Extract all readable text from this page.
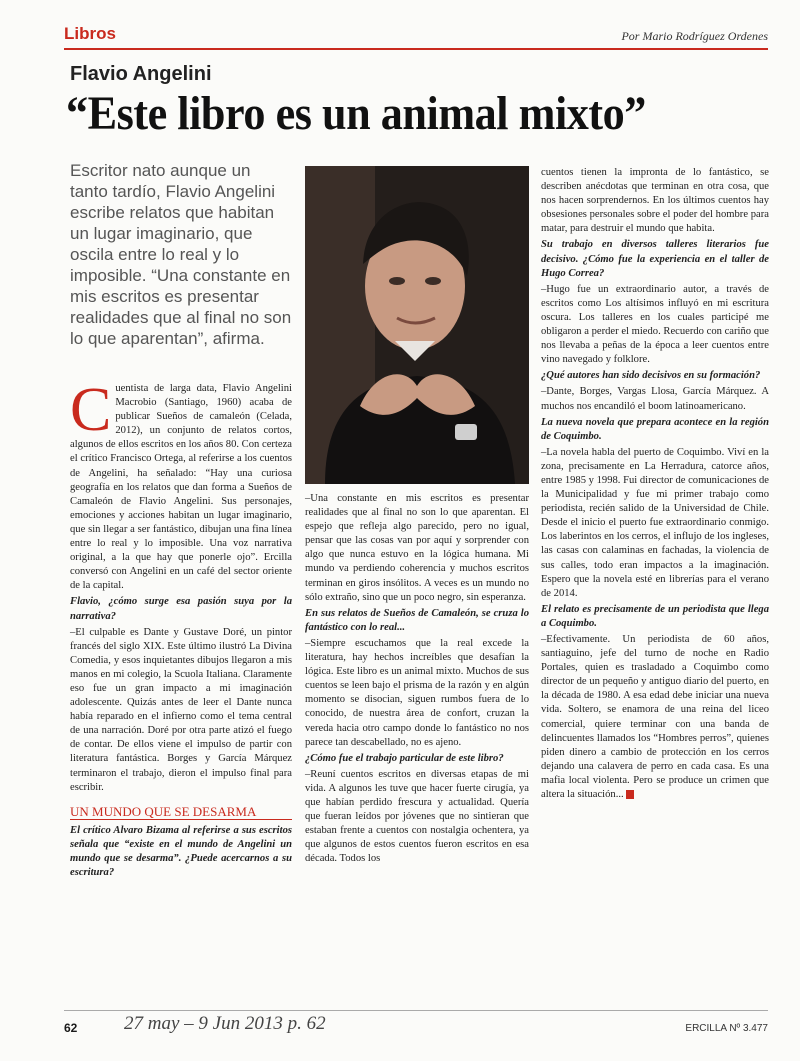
Libros	Por Mario Rodríguez Ordenes
Flavio Angelini
“Este libro es un animal mixto”
Escritor nato aunque un tanto tardío, Flavio Angelini escribe relatos que habitan un lugar imaginario, que oscila entre lo real y lo imposible. “Una constante en mis escritos es presentar realidades que al final no son lo que aparentan”, afirma.
C uentista de larga data, Flavio Angelini Macrobio (Santiago, 1960) acaba de publicar Sueños de camaleón (Celada, 2012), un conjunto de relatos cortos, algunos de ellos escritos en los años 80. Con certeza el crítico Francisco Ortega, al referirse a los cuentos de Angelini, ha señalado: “Hay una curiosa geografía en los relatos que dan forma a Sueños de Camaleón de Flavio Angelini. Sus personajes, emociones y acciones habitan un lugar imaginario, que sin llegar a ser fantástico, dibujan una fina línea entre lo real y lo imposible. Una voz narrativa original, a la que hay que ponerle ojo”. Ercilla conversó con Angelini en un café del sector oriente de la capital.

Flavio, ¿cómo surge esa pasión suya por la narrativa?

–El culpable es Dante y Gustave Doré, un pintor francés del siglo XIX. Este último ilustró La Divina Comedia, y esos inquietantes dibujos llegaron a mis manos en mi colegio, la Scuola Italiana. Claramente eso fue un gran impacto a mi imaginación adolescente. Quizás antes de leer el Dante nunca había reparado en el infierno como el tema central de una narración. Doré por otra parte atizó el fuego de contar. De ellos viene el impulso de partir con literatura fantástica. Borges y García Márquez terminaron el trabajo, dieron el impulso final para escribir.

UN MUNDO QUE SE DESARMA

El crítico Alvaro Bizama al referirse a sus escritos señala que “existe en el mundo de Angelini un mundo que se desarma”. ¿Puede acercarnos a su escritura?

–Una constante en mis escritos es presentar realidades que al final no son lo que aparentan. El espejo que refleja algo parecido, pero no igual, pensar que las cosas van por aquí y sorprender con algo que nunca estuvo en la lógica humana. Mi mundo va perdiendo coherencia y muchos escritos terminan en giros insólitos. A veces es un mundo no sólo extraño, sino que un poco negro, sin esperanza.

En sus relatos de Sueños de Camaleón, se cruza lo fantástico con lo real...

–Siempre escuchamos que la real excede la literatura, hay hechos increíbles que desafían la lógica. Este libro es un animal mixto. Muchos de sus cuentos se leen bajo el prisma de la razón y en algún momento se disocian, siguen rumbos fuera de lo conocido, de nuestra área de confort, cruzan la vereda hacia otro campo donde lo fantástico no nos parece tan descabellado, no es ajeno.

¿Cómo fue el trabajo particular de este libro?

–Reuní cuentos escritos en diversas etapas de mi vida. A algunos les tuve que hacer fuerte cirugía, ya que habían perdido frescura y actualidad. Quería que fueran leídos por jóvenes que no sintieran que estaban frente a cuentos con nostalgia ochentera, ya que algunos de estos cuentos fueron escritos en esa década. Todos los

cuentos tienen la impronta de lo fantástico, se describen anécdotas que terminan en otra cosa, que nos hacen sorprendernos. En los últimos cuentos hay obsesiones personales sobre el poder del hombre para matar, para destruir el mundo que habita.

Su trabajo en diversos talleres literarios fue decisivo. ¿Cómo fue la experiencia en el taller de Hugo Correa?

–Hugo fue un extraordinario autor, a través de escritos como Los altísimos influyó en mi escritura oscura. Los talleres en los cuales participé me obligaron a perder el miedo. Recuerdo con cariño que nos llevaba a peñas de la época a leer cuentos entre vino navegado y folklore.

¿Qué autores han sido decisivos en su formación?

–Dante, Borges, Vargas Llosa, García Márquez. A muchos nos encandiló el boom latinoamericano.

La nueva novela que prepara acontece en la región de Coquimbo.

–La novela habla del puerto de Coquimbo. Viví en la zona, precisamente en La Herradura, catorce años, entre 1985 y 1998. Fui director de comunicaciones de la Municipalidad y fue mi primer trabajo como periodista, recién salido de la Universidad de Chile. Desde el inicio el puerto fue extraordinario conmigo. Los laberintos en los cerros, el influjo de los ingleses, las casas con calaminas en fachadas, la violencia de sus calles, todo eran impactos a la imaginación. Espero que la novela esté en librerías para el verano de 2014.

El relato es precisamente de un periodista que llega a Coquimbo.

–Efectivamente. Un periodista de 60 años, santiaguino, jefe del turno de noche en Radio Portales, quien es trasladado a Coquimbo como director de un pequeño y antiguo diario del puerto, en la década de 1980. A esa edad debe iniciar una nueva vida. Soltero, se enamora de una reina del liceo comercial, quiere terminar con una banda de delincuentes llamados los “Hombres perros”, quienes piden dinero a cambio de protección en los cerros dejando una calavera de perro en cada casa. Es una mafia local violenta. Pero se produce un crimen que altera la situación...

62 27 may – 9 Jun 2013 p. 62	ERCILLA Nº 3.477
